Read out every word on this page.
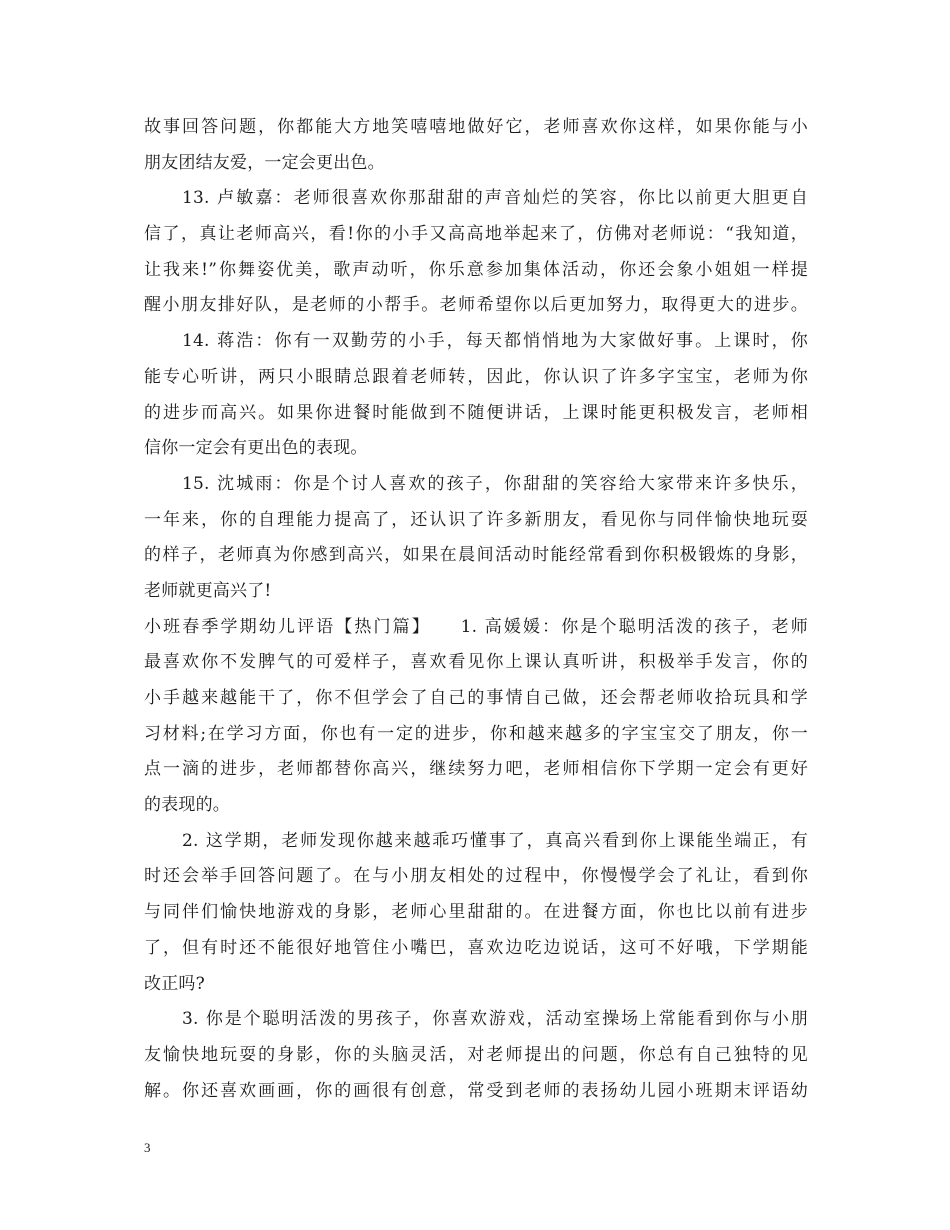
故事回答问题，你都能大方地笑嘻嘻地做好它，老师喜欢你这样，如果你能与小
朋友团结友爱，一定会更出色。
13. 卢敏嘉：老师很喜欢你那甜甜的声音灿烂的笑容，你比以前更大胆更自
信了，真让老师高兴，看!你的小手又高高地举起来了，仿佛对老师说：“我知道，
让我来!”你舞姿优美，歌声动听，你乐意参加集体活动，你还会象小姐姐一样提
醒小朋友排好队，是老师的小帮手。老师希望你以后更加努力，取得更大的进步。
14. 蒋浩：你有一双勤劳的小手，每天都悄悄地为大家做好事。上课时，你
能专心听讲，两只小眼睛总跟着老师转，因此，你认识了许多字宝宝，老师为你
的进步而高兴。如果你进餐时能做到不随便讲话，上课时能更积极发言，老师相
信你一定会有更出色的表现。
15. 沈城雨：你是个讨人喜欢的孩子，你甜甜的笑容给大家带来许多快乐，
一年来，你的自理能力提高了，还认识了许多新朋友，看见你与同伴愉快地玩耍
的样子，老师真为你感到高兴，如果在晨间活动时能经常看到你积极锻炼的身影，
老师就更高兴了!
小班春季学期幼儿评语【热门篇】　　1. 高媛媛：你是个聪明活泼的孩子，老师
最喜欢你不发脾气的可爱样子，喜欢看见你上课认真听讲，积极举手发言，你的
小手越来越能干了，你不但学会了自己的事情自己做，还会帮老师收拾玩具和学
习材料;在学习方面，你也有一定的进步，你和越来越多的字宝宝交了朋友，你一
点一滴的进步，老师都替你高兴，继续努力吧，老师相信你下学期一定会有更好
的表现的。
2. 这学期，老师发现你越来越乖巧懂事了，真高兴看到你上课能坐端正，有
时还会举手回答问题了。在与小朋友相处的过程中，你慢慢学会了礼让，看到你
与同伴们愉快地游戏的身影，老师心里甜甜的。在进餐方面，你也比以前有进步
了，但有时还不能很好地管住小嘴巴，喜欢边吃边说话，这可不好哦，下学期能
改正吗?
3. 你是个聪明活泼的男孩子，你喜欢游戏，活动室操场上常能看到你与小朋
友愉快地玩耍的身影，你的头脑灵活，对老师提出的问题，你总有自己独特的见
解。你还喜欢画画，你的画很有创意，常受到老师的表扬幼儿园小班期末评语幼
3
